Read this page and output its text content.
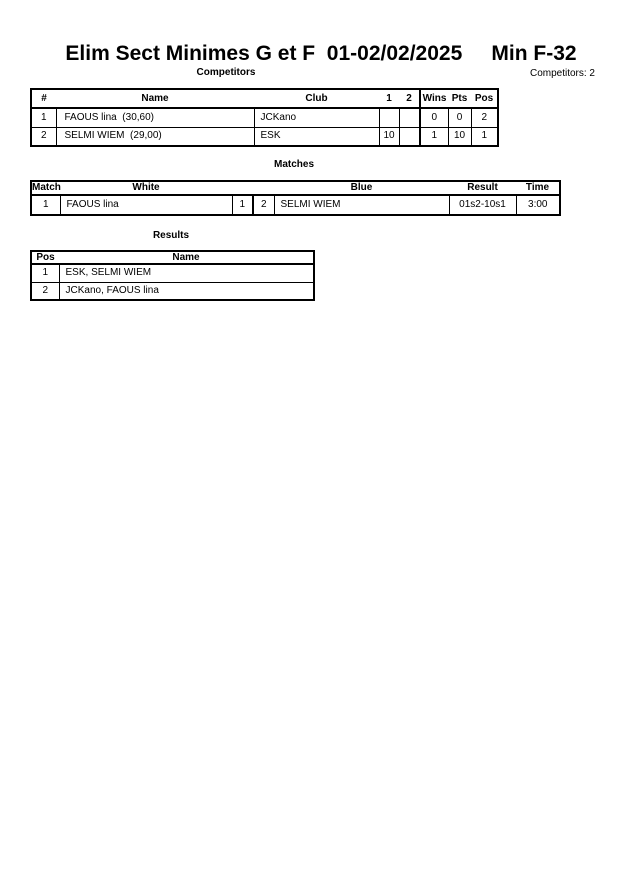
Elim Sect Minimes G et F  01-02/02/2025     Min F-32
Competitors	Competitors: 2
#	Name	Club	1	2	Wins	Pts	Pos
1	FAOUS lina  (30,60)	JCKano			0	0	2
2	SELMI WIEM  (29,00)	ESK	10		1	10	1
Matches
Match	White			Blue	Result	Time
1	FAOUS lina	1	2	SELMI WIEM	01s2-10s1	3:00
Results
Pos	Name
1	ESK, SELMI WIEM
2	JCKano, FAOUS lina
